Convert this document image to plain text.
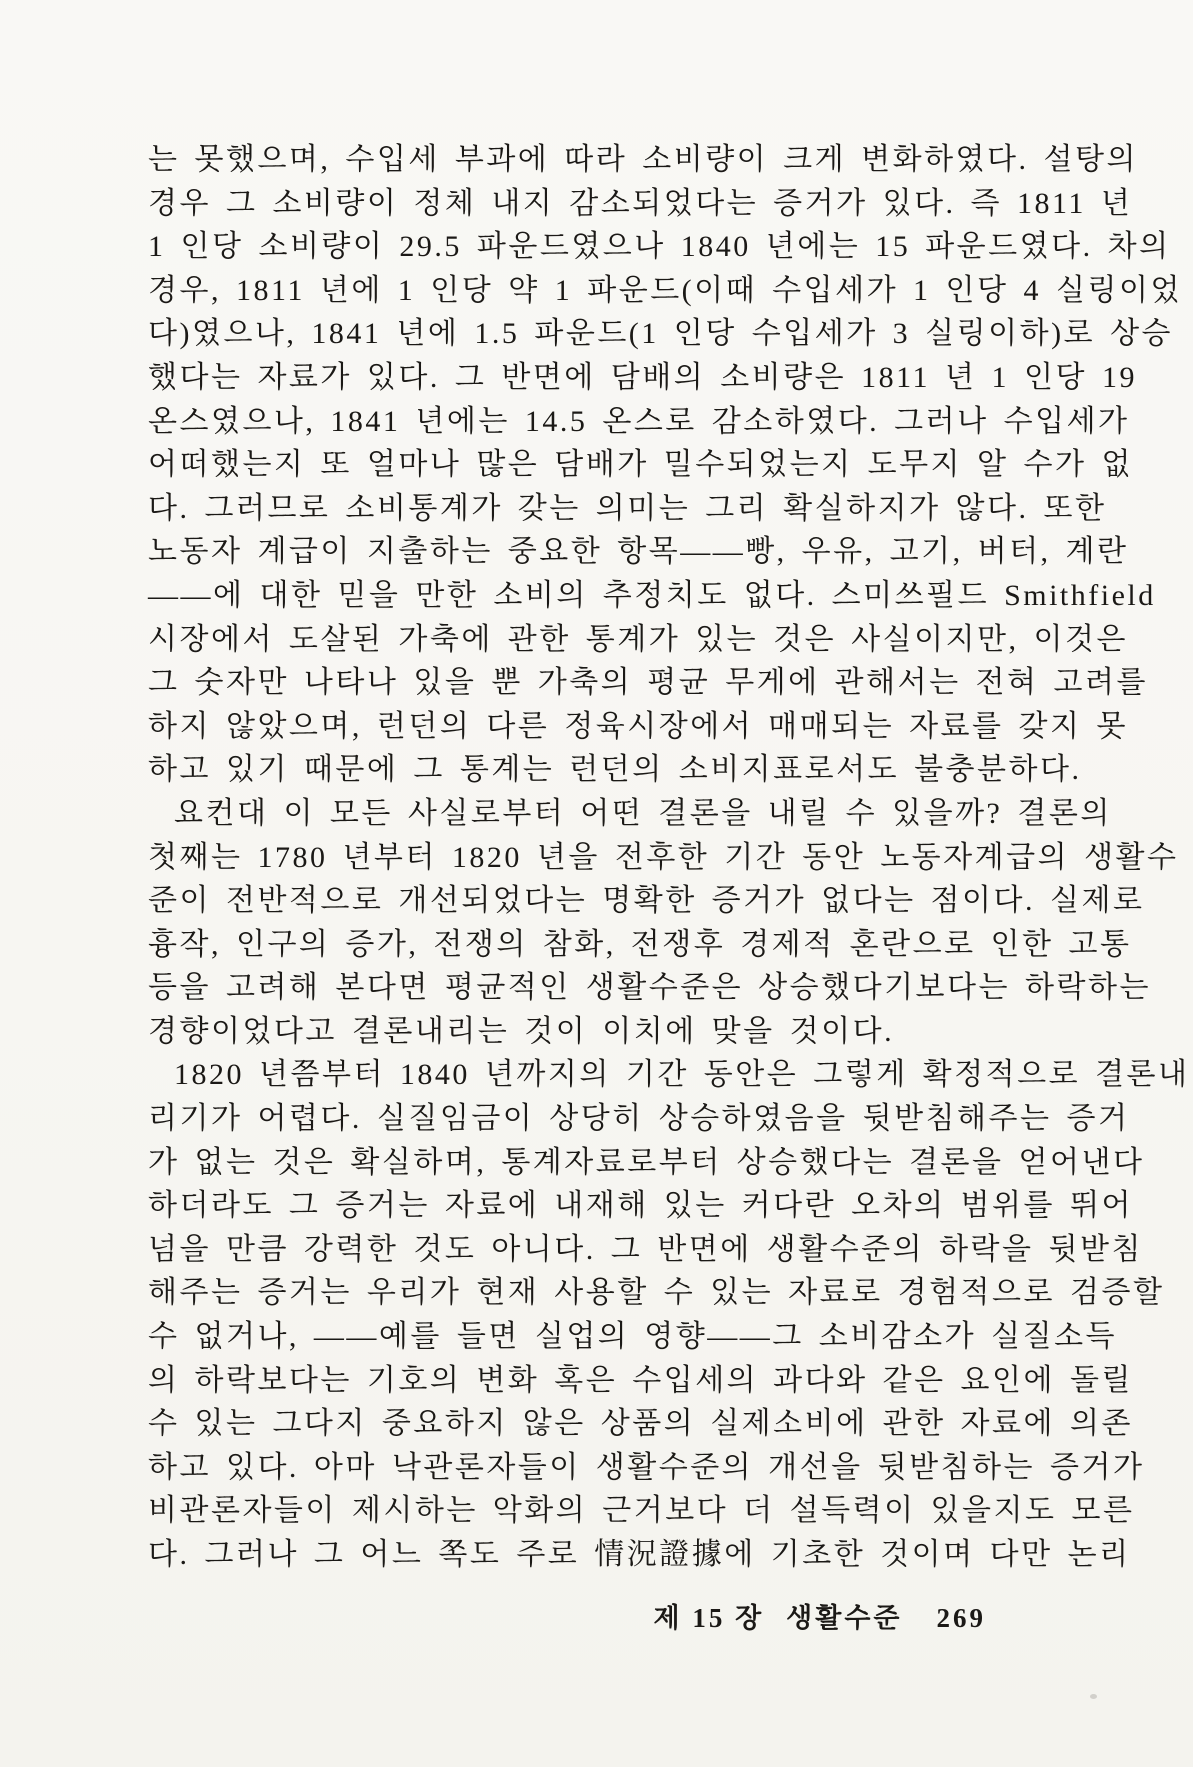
는 못했으며, 수입세 부과에 따라 소비량이 크게 변화하였다. 설탕의
경우 그 소비량이 정체 내지 감소되었다는 증거가 있다. 즉 1811 년
1 인당 소비량이 29.5 파운드였으나 1840 년에는 15 파운드였다. 차의
경우, 1811 년에 1 인당 약 1 파운드(이때 수입세가 1 인당 4 실링이었
다)였으나, 1841 년에 1.5 파운드(1 인당 수입세가 3 실링이하)로 상승
했다는 자료가 있다. 그 반면에 담배의 소비량은 1811 년 1 인당 19
온스였으나, 1841 년에는 14.5 온스로 감소하였다. 그러나 수입세가
어떠했는지 또 얼마나 많은 담배가 밀수되었는지 도무지 알 수가 없
다. 그러므로 소비통계가 갖는 의미는 그리 확실하지가 않다. 또한
노동자 계급이 지출하는 중요한 항목——빵, 우유, 고기, 버터, 계란
——에 대한 믿을 만한 소비의 추정치도 없다. 스미쓰필드 Smithfield
시장에서 도살된 가축에 관한 통계가 있는 것은 사실이지만, 이것은
그 숫자만 나타나 있을 뿐 가축의 평균 무게에 관해서는 전혀 고려를
하지 않았으며, 런던의 다른 정육시장에서 매매되는 자료를 갖지 못
하고 있기 때문에 그 통계는 런던의 소비지표로서도 불충분하다.
요컨대 이 모든 사실로부터 어떤 결론을 내릴 수 있을까? 결론의
첫째는 1780 년부터 1820 년을 전후한 기간 동안 노동자계급의 생활수
준이 전반적으로 개선되었다는 명확한 증거가 없다는 점이다. 실제로
흉작, 인구의 증가, 전쟁의 참화, 전쟁후 경제적 혼란으로 인한 고통
등을 고려해 본다면 평균적인 생활수준은 상승했다기보다는 하락하는
경향이었다고 결론내리는 것이 이치에 맞을 것이다.
1820 년쯤부터 1840 년까지의 기간 동안은 그렇게 확정적으로 결론내
리기가 어렵다. 실질임금이 상당히 상승하였음을 뒷받침해주는 증거
가 없는 것은 확실하며, 통계자료로부터 상승했다는 결론을 얻어낸다
하더라도 그 증거는 자료에 내재해 있는 커다란 오차의 범위를 뛰어
넘을 만큼 강력한 것도 아니다. 그 반면에 생활수준의 하락을 뒷받침
해주는 증거는 우리가 현재 사용할 수 있는 자료로 경험적으로 검증할
수 없거나, ——예를 들면 실업의 영향——그 소비감소가 실질소득
의 하락보다는 기호의 변화 혹은 수입세의 과다와 같은 요인에 돌릴
수 있는 그다지 중요하지 않은 상품의 실제소비에 관한 자료에 의존
하고 있다. 아마 낙관론자들이 생활수준의 개선을 뒷받침하는 증거가
비관론자들이 제시하는 악화의 근거보다 더 설득력이 있을지도 모른
다. 그러나 그 어느 쪽도 주로 情況證據에 기초한 것이며 다만 논리
제 15 장 생활수준 269
